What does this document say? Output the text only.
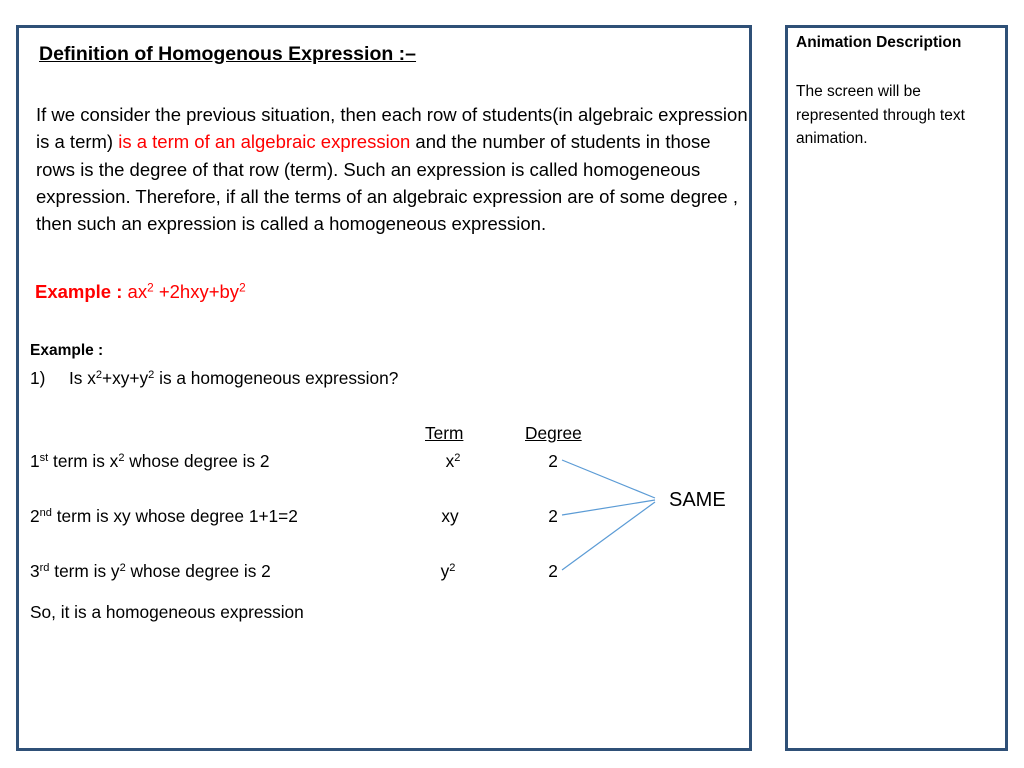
Definition of Homogenous Expression :–
If we consider the previous situation, then each row of students(in algebraic expression is a term) is a term of an algebraic expression and the number of students in those rows is the degree of that row (term). Such an expression is called homogeneous expression. Therefore, if all the terms of an algebraic expression are of some degree , then such an expression is called a homogeneous expression.
Example : $ax^2 +2hxy+by^2$
Example :
1) Is $x^2+xy+y^2$ is a homogeneous expression?
Term	Degree
1st term is $x^2$ whose degree is 2	$x^2$	2
2nd term is xy whose degree 1+1=2	xy	2
3rd term is $y^2$ whose degree is 2	$y^2$	2
SAME
So, it is a homogeneous expression
Animation Description
The screen will be represented through text animation.
